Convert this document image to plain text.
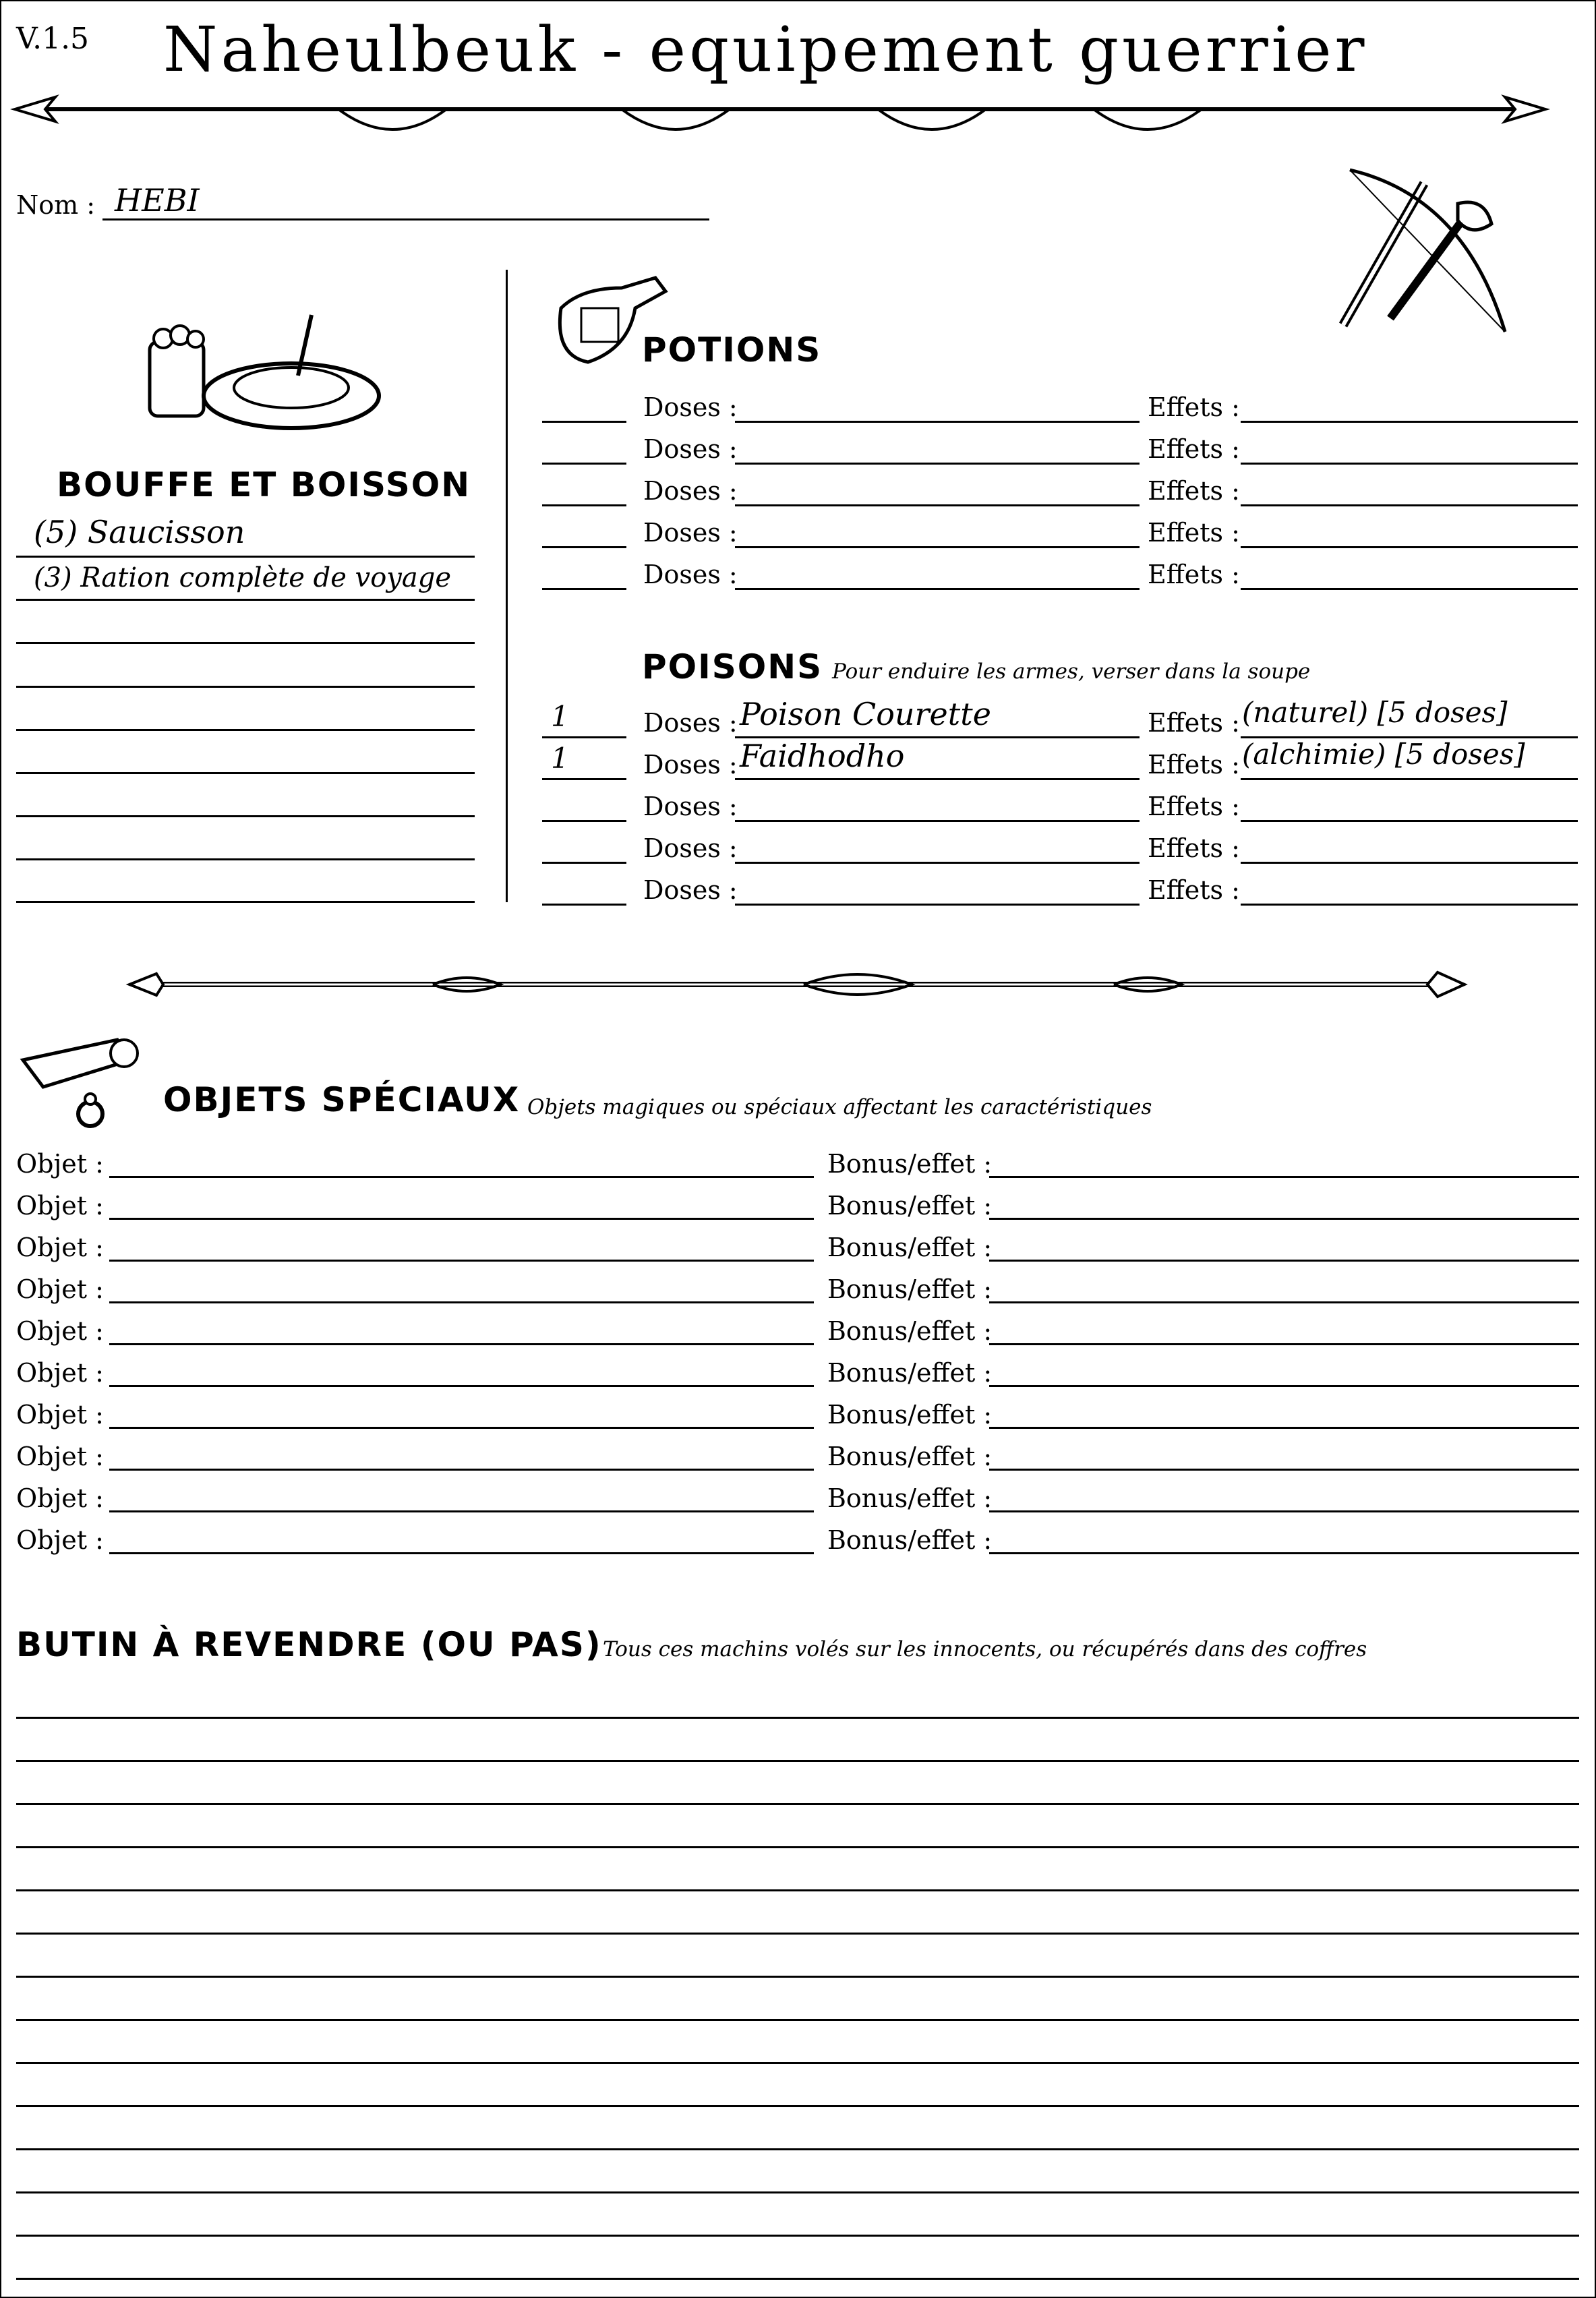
V.1.5 Naheulbeuk - equipement guerrier
Nom : HEBI
BOUFFE ET BOISSON
(5) Saucisson
(3) Ration complète de voyage
POTIONS
Doses :	Effets :
Doses :	Effets :
Doses :	Effets :
Doses :	Effets :
Doses :	Effets :
POISONS Pour enduire les armes, verser dans la soupe
1	Doses : Poison Courette	Effets : (naturel) [5 doses]
1	Doses : Faidhodho	Effets : (alchimie) [5 doses]
Doses :	Effets :
Doses :	Effets :
Doses :	Effets :
OBJETS SPÉCIAUX Objets magiques ou spéciaux affectant les caractéristiques
Objet :	Bonus/effet :
Objet :	Bonus/effet :
Objet :	Bonus/effet :
Objet :	Bonus/effet :
Objet :	Bonus/effet :
Objet :	Bonus/effet :
Objet :	Bonus/effet :
Objet :	Bonus/effet :
Objet :	Bonus/effet :
Objet :	Bonus/effet :
BUTIN À REVENDRE (OU PAS) Tous ces machins volés sur les innocents, ou récupérés dans des coffres
